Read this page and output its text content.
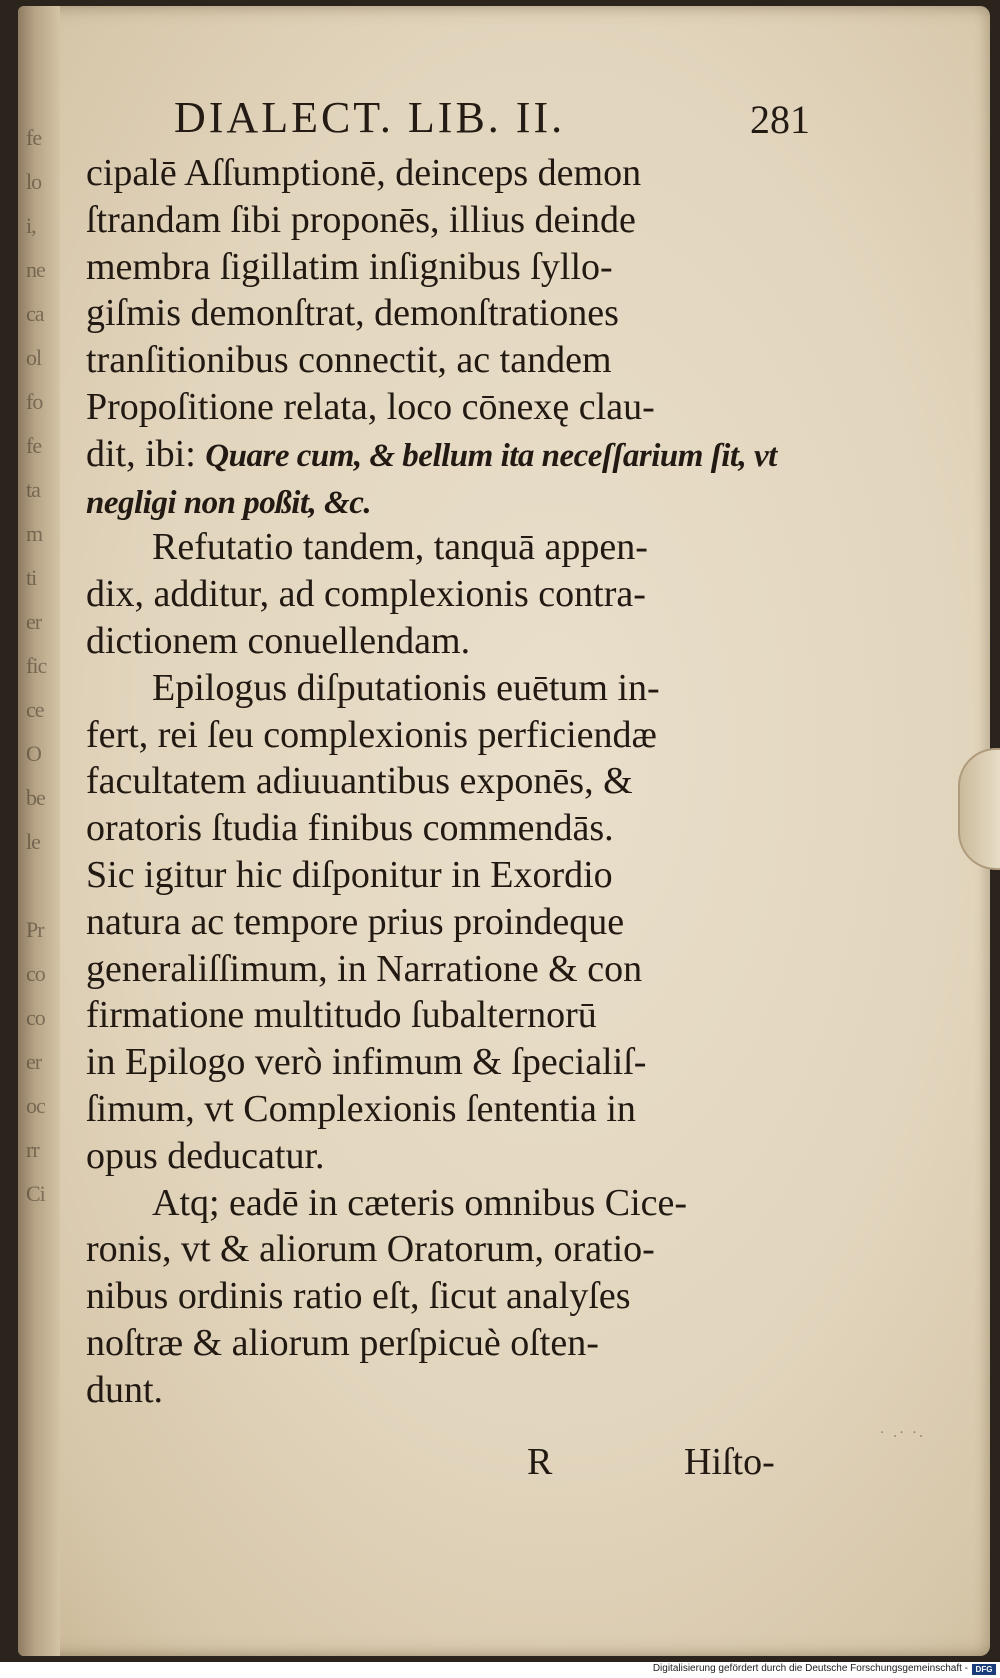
fe
lo
i,
ne
ca
ol
fo
fe
ta
m
ti
er
fic
ce
O
be
le

Pr
co
co
er
oc
rr
Ci
DIALECT. LIB. II.	281
cipalē Aſſumptionē, deinceps demon
ſtrandam ſibi proponēs, illius deinde
membra ſigillatim inſignibus ſyllo-
giſmis demonſtrat, demonſtrationes
tranſitionibus connectit, ac tandem
Propoſitione relata, loco cōnexę clau-
dit, ibi: Quare cum, & bellum ita neceſſarium ſit, vt
negligi non poßit, &c.
Refutatio tandem, tanquā appen-
dix, additur, ad complexionis contra-
dictionem conuellendam.
Epilogus diſputationis euētum in-
fert, rei ſeu complexionis perficiendæ
facultatem adiuuantibus exponēs, &
oratoris ſtudia finibus commendās.
Sic igitur hic diſponitur in Exordio
natura ac tempore prius proindeque
generaliſſimum, in Narratione & con
firmatione multitudo ſubalternorū
in Epilogo verò infimum & ſpecialiſ-
ſimum, vt Complexionis ſententia in
opus deducatur.
Atq; eadē in cæteris omnibus Cice-
ronis, vt & aliorum Oratorum, oratio-
nibus ordinis ratio eſt, ſicut analyſes
noſtræ & aliorum perſpicuè oſten-
dunt.
R	Hiſto-
· .· ·.
Digitalisierung gefördert durch die Deutsche Forschungsgemeinschaft - DFG
